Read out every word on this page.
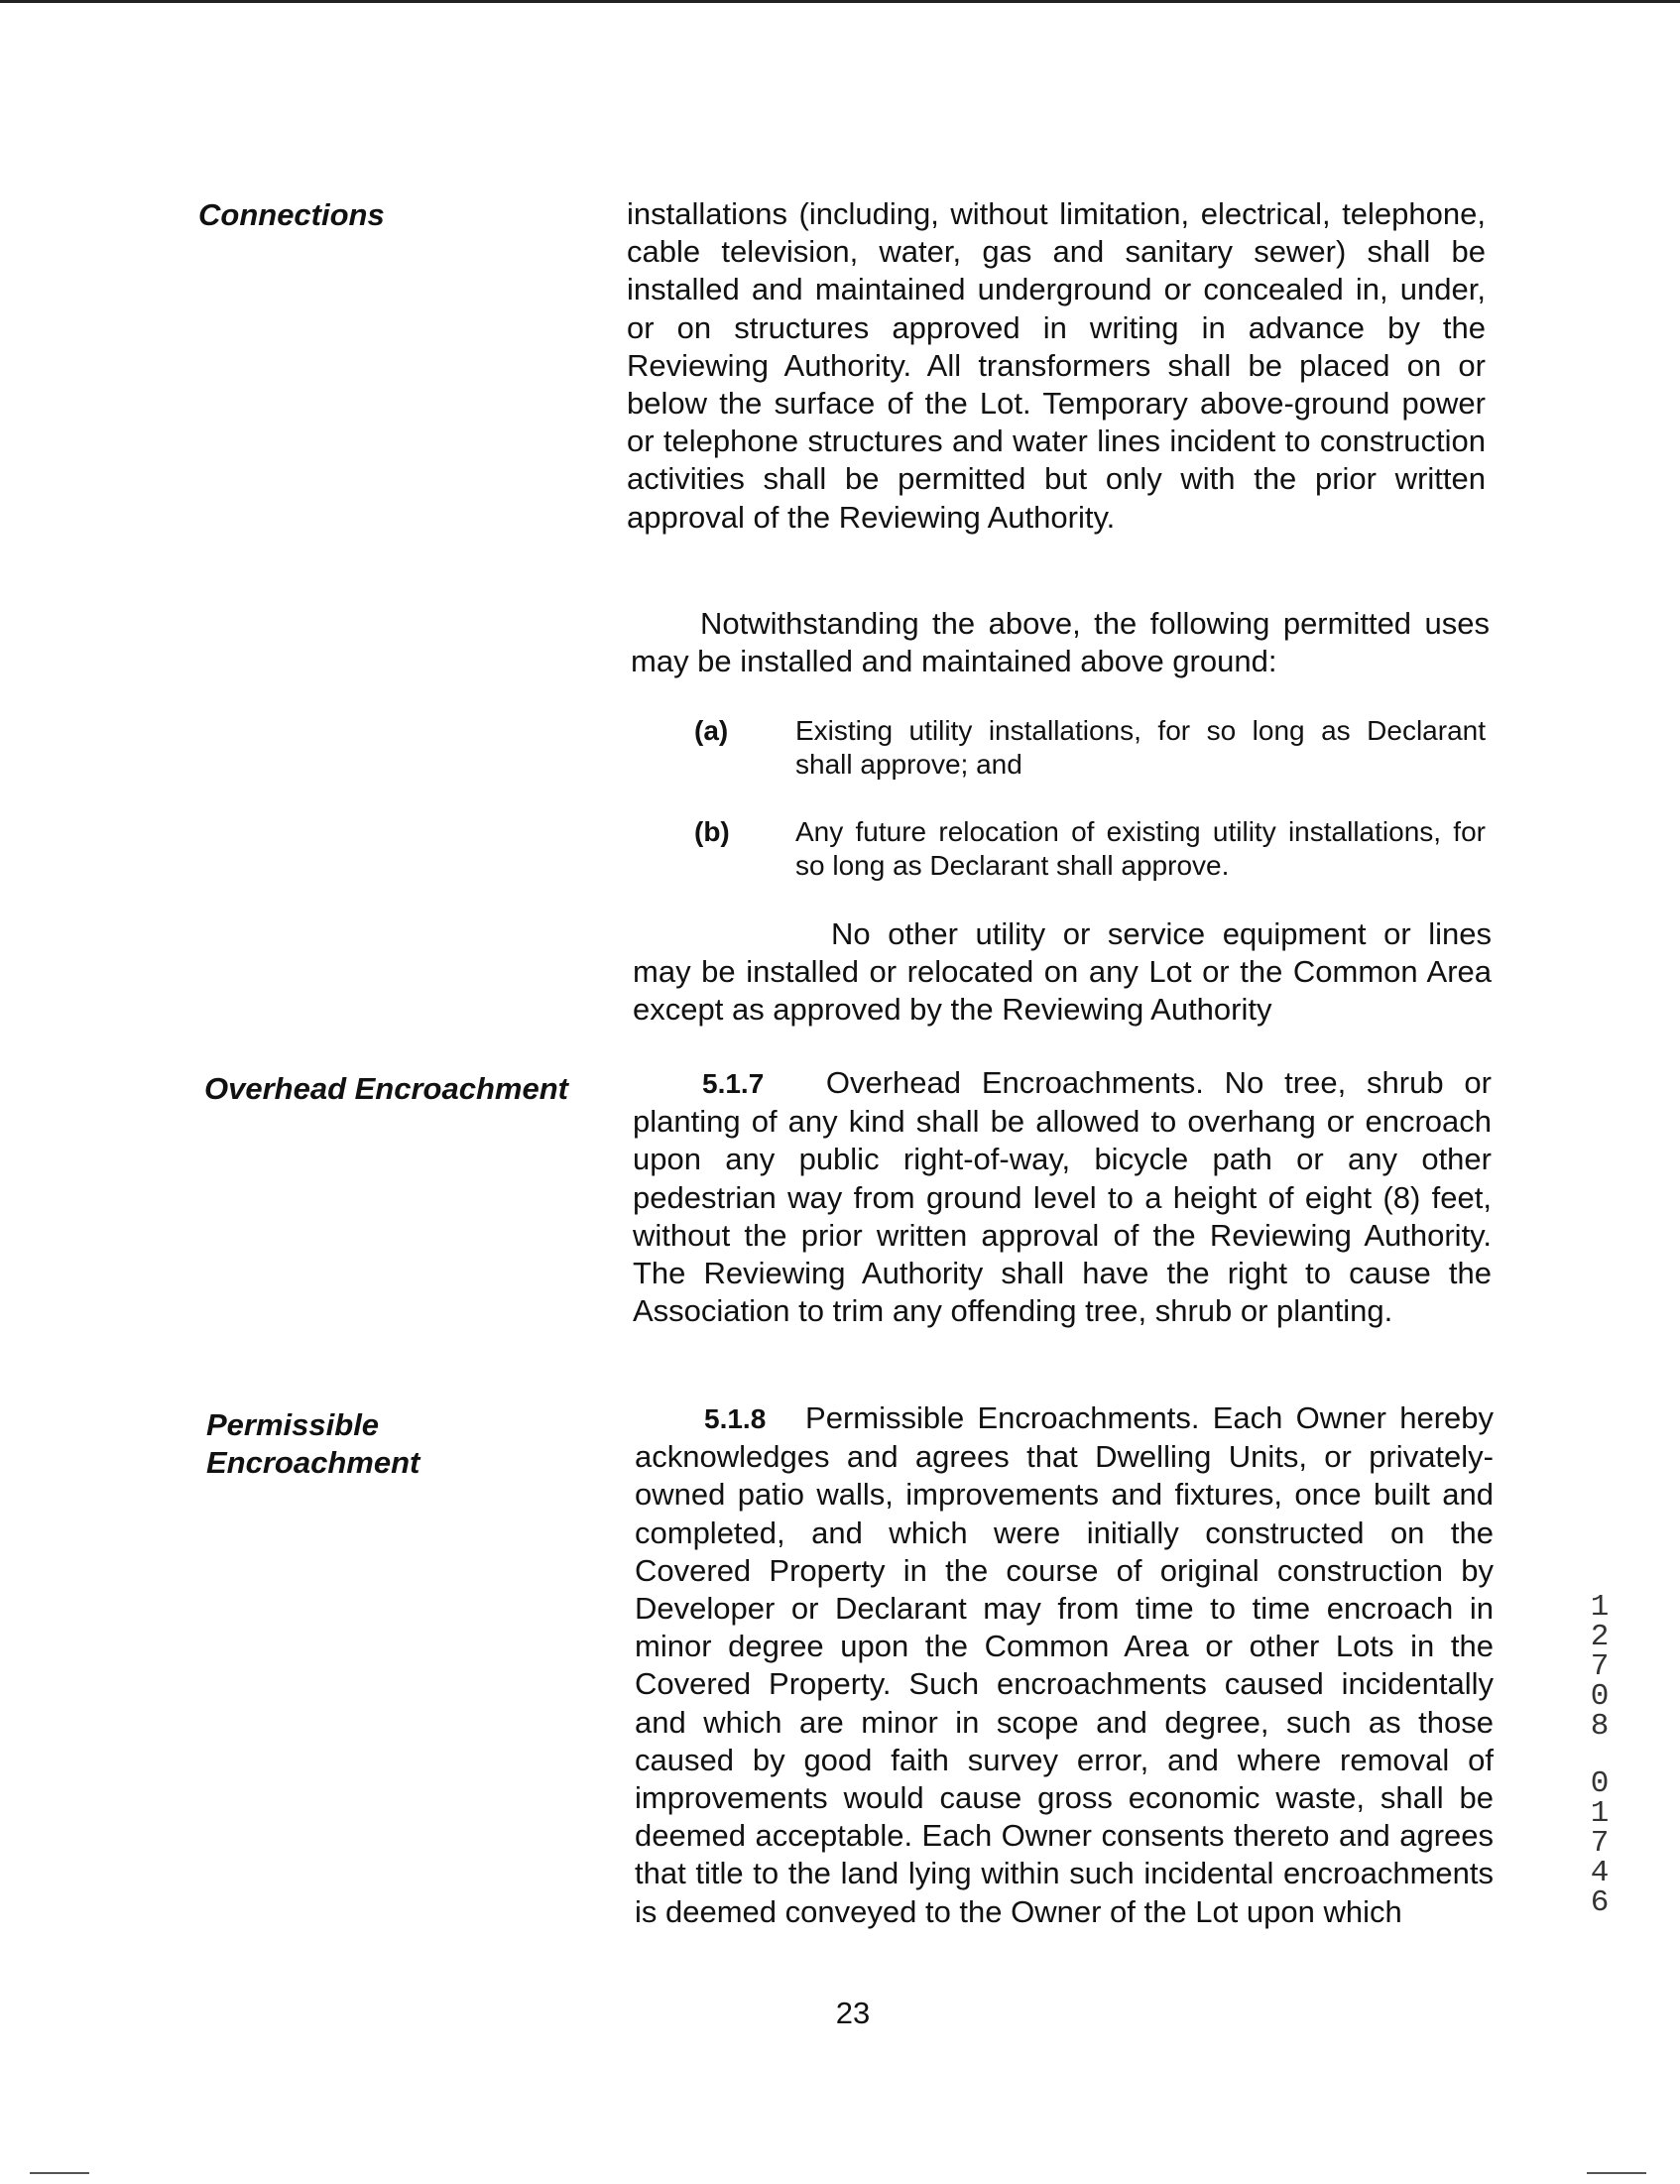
Connections
Overhead Encroachment
Permissible
Encroachment

installations (including, without limitation, electrical, telephone, cable television, water, gas and sanitary sewer) shall be installed and maintained underground or concealed in, under, or on structures approved in writing in advance by the Reviewing Authority. All transformers shall be placed on or below the surface of the Lot. Temporary above-ground power or telephone structures and water lines incident to construction activities shall be permitted but only with the prior written approval of the Reviewing Authority.

Notwithstanding the above, the following permitted uses may be installed and maintained above ground:

(a) Existing utility installations, for so long as Declarant shall approve; and
(b) Any future relocation of existing utility installations, for so long as Declarant shall approve.

No other utility or service equipment or lines may be installed or relocated on any Lot or the Common Area except as approved by the Reviewing Authority

5.1.7 Overhead Encroachments. No tree, shrub or planting of any kind shall be allowed to overhang or encroach upon any public right-of-way, bicycle path or any other pedestrian way from ground level to a height of eight (8) feet, without the prior written approval of the Reviewing Authority. The Reviewing Authority shall have the right to cause the Association to trim any offending tree, shrub or planting.

5.1.8 Permissible Encroachments. Each Owner hereby acknowledges and agrees that Dwelling Units, or privately-owned patio walls, improvements and fixtures, once built and completed, and which were initially constructed on the Covered Property in the course of original construction by Developer or Declarant may from time to time encroach in minor degree upon the Common Area or other Lots in the Covered Property. Such encroachments caused incidentally and which are minor in scope and degree, such as those caused by good faith survey error, and where removal of improvements would cause gross economic waste, shall be deemed acceptable. Each Owner consents thereto and agrees that title to the land lying within such incidental encroachments is deemed conveyed to the Owner of the Lot upon which

23
1
2
7
0
8
0
1
7
4
6
